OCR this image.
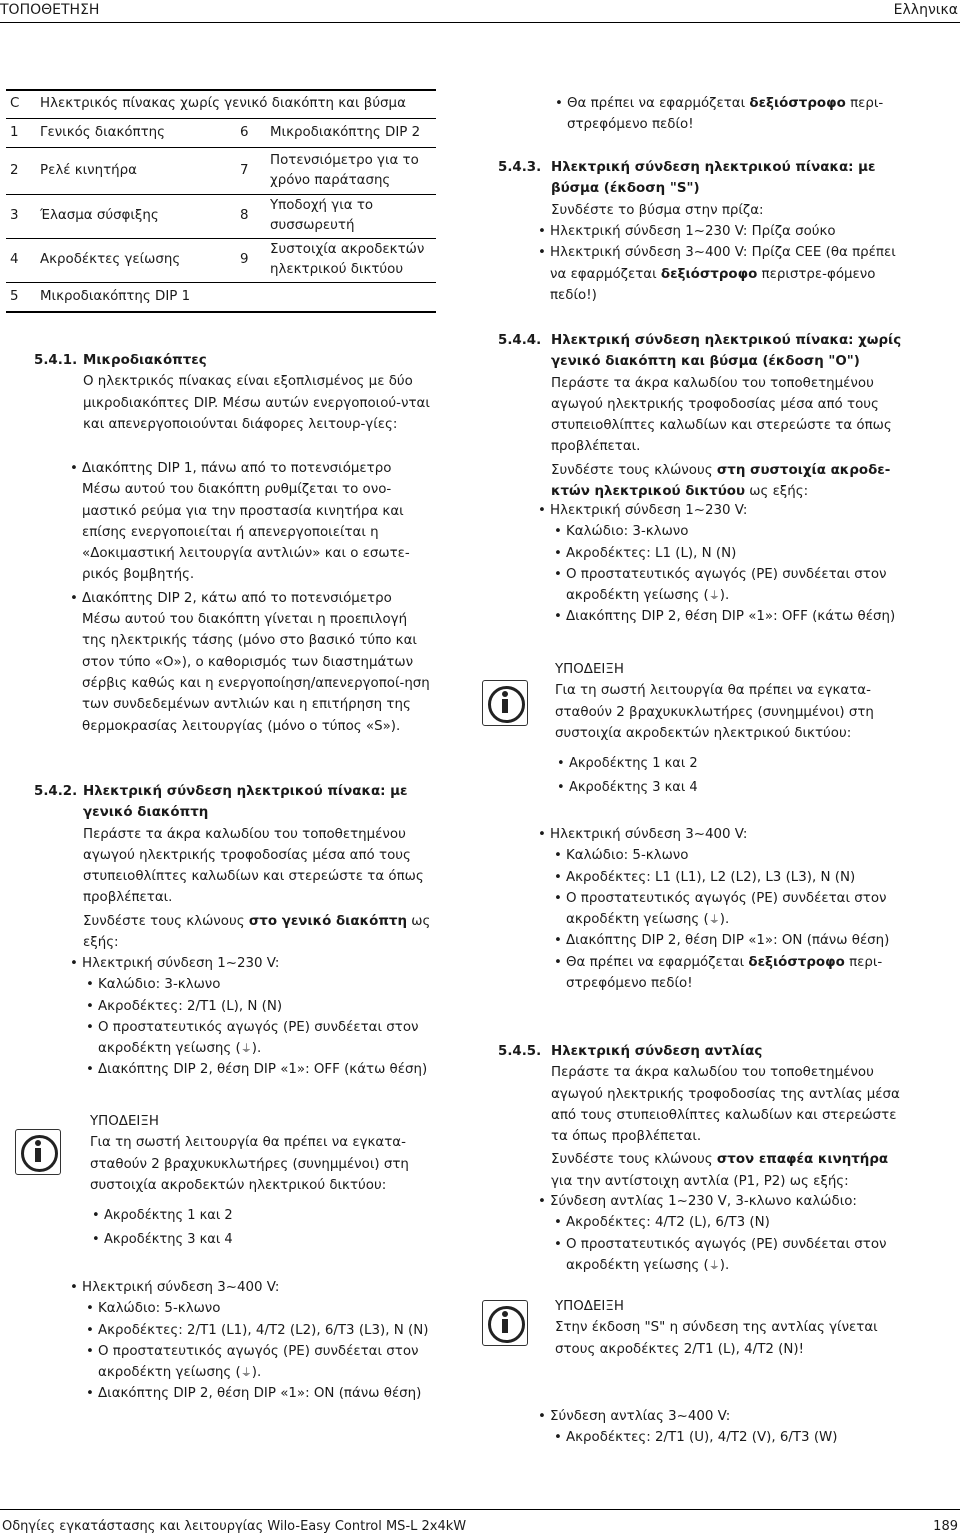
ΤΟΠΟΘΕΤΗΣΗ	Ελληνικα
C	Ηλεκτρικός πίνακας χωρίς γενικό διακόπτη και βύσμα		
1	Γενικός διακόπτης	6	Μικροδιακόπτης DIP 2
2	Ρελέ κινητήρα	7	Ποτενσιόμετρο για το χρόνο παράτασης
3	Έλασμα σύσφιξης	8	Υποδοχή για το συσσωρευτή
4	Ακροδέκτες γείωσης	9	Συστοιχία ακροδεκτών ηλεκτρικού δικτύου
5	Μικροδιακόπτης DIP 1		
5.4.1. Μικροδιακόπτες

Ο ηλεκτρικός πίνακας είναι εξοπλισμένος με δύο μικροδιακόπτες DIP. Μέσω αυτών ενεργοποιού-νται και απενεργοποιούνται διάφορες λειτουρ-γίες:

• Διακόπτης DIP 1, πάνω από το ποτενσιόμετρο
Μέσω αυτού του διακόπτη ρυθμίζεται το ονο-μαστικό ρεύμα για την προστασία κινητήρα και επίσης ενεργοποιείται ή απενεργοποιείται η «Δοκιμαστική λειτουργία αντλιών» και ο εσωτε-ρικός βομβητής.
• Διακόπτης DIP 2, κάτω από το ποτενσιόμετρο
Μέσω αυτού του διακόπτη γίνεται η προεπιλογή της ηλεκτρικής τάσης (μόνο στο βασικό τύπο και στον τύπο «O»), ο καθορισμός των διαστημάτων σέρβις καθώς και η ενεργοποίηση/απενεργοποί-ηση των συνδεδεμένων αντλιών και η επιτήρηση της θερμοκρασίας λειτουργίας (μόνο ο τύπος «S»).
5.4.2. Ηλεκτρική σύνδεση ηλεκτρικού πίνακα: με γενικό διακόπτη

Περάστε τα άκρα καλωδίου του τοποθετημένου αγωγού ηλεκτρικής τροφοδοσίας μέσα από τους στυπειοθλίπτες καλωδίων και στερεώστε τα όπως προβλέπεται.

Συνδέστε τους κλώνους στο γενικό διακόπτη ως εξής:

• Ηλεκτρική σύνδεση 1~230 V:
• Καλώδιο: 3-κλωνο
• Ακροδέκτες: 2/T1 (L), N (N)
• Ο προστατευτικός αγωγός (PE) συνδέεται στον ακροδέκτη γείωσης (⏚).
• Διακόπτης DIP 2, θέση DIP «1»: OFF (κάτω θέση)

ΥΠΟΔΕΙΞΗ

Για τη σωστή λειτουργία θα πρέπει να εγκατα-σταθούν 2 βραχυκυκλωτήρες (συνημμένοι) στη συστοιχία ακροδεκτών ηλεκτρικού δικτύου:

• Ακροδέκτης 1 και 2
• Ακροδέκτης 3 και 4
• Ηλεκτρική σύνδεση 3~400 V:
• Καλώδιο: 5-κλωνο
• Ακροδέκτες: 2/T1 (L1), 4/T2 (L2), 6/T3 (L3), N (N)
• Ο προστατευτικός αγωγός (PE) συνδέεται στον ακροδέκτη γείωσης (⏚).
• Διακόπτης DIP 2, θέση DIP «1»: ON (πάνω θέση)
• Θα πρέπει να εφαρμόζεται δεξιόστροφο περι-στρεφόμενο πεδίο!
5.4.3. Ηλεκτρική σύνδεση ηλεκτρικού πίνακα: με βύσμα (έκδοση "S")

Συνδέστε το βύσμα στην πρίζα:

• Ηλεκτρική σύνδεση 1~230 V: Πρίζα σούκο
• Ηλεκτρική σύνδεση 3~400 V: Πρίζα CEE (θα πρέπει να εφαρμόζεται δεξιόστροφο περιστρε-φόμενο πεδίο!)
5.4.4. Ηλεκτρική σύνδεση ηλεκτρικού πίνακα: χωρίς γενικό διακόπτη και βύσμα (έκδοση "O")

Περάστε τα άκρα καλωδίου του τοποθετημένου αγωγού ηλεκτρικής τροφοδοσίας μέσα από τους στυπειοθλίπτες καλωδίων και στερεώστε τα όπως προβλέπεται.

Συνδέστε τους κλώνους στη συστοιχία ακροδε-κτών ηλεκτρικού δικτύου ως εξής:

• Ηλεκτρική σύνδεση 1~230 V:
• Καλώδιο: 3-κλωνο
• Ακροδέκτες: L1 (L), N (N)
• Ο προστατευτικός αγωγός (PE) συνδέεται στον ακροδέκτη γείωσης (⏚).
• Διακόπτης DIP 2, θέση DIP «1»: OFF (κάτω θέση)

ΥΠΟΔΕΙΞΗ

Για τη σωστή λειτουργία θα πρέπει να εγκατα-σταθούν 2 βραχυκυκλωτήρες (συνημμένοι) στη συστοιχία ακροδεκτών ηλεκτρικού δικτύου:

• Ακροδέκτης 1 και 2
• Ακροδέκτης 3 και 4
• Ηλεκτρική σύνδεση 3~400 V:
• Καλώδιο: 5-κλωνο
• Ακροδέκτες: L1 (L1), L2 (L2), L3 (L3), N (N)
• Ο προστατευτικός αγωγός (PE) συνδέεται στον ακροδέκτη γείωσης (⏚).
• Διακόπτης DIP 2, θέση DIP «1»: ON (πάνω θέση)
• Θα πρέπει να εφαρμόζεται δεξιόστροφο περι-στρεφόμενο πεδίο!
5.4.5. Ηλεκτρική σύνδεση αντλίας

Περάστε τα άκρα καλωδίου του τοποθετημένου αγωγού ηλεκτρικής τροφοδοσίας της αντλίας μέσα από τους στυπειοθλίπτες καλωδίων και στερεώστε τα όπως προβλέπεται.

Συνδέστε τους κλώνους στον επαφέα κινητήρα για την αντίστοιχη αντλία (P1, P2) ως εξής:

• Σύνδεση αντλίας 1~230 V, 3-κλωνο καλώδιο:
• Ακροδέκτες: 4/T2 (L), 6/T3 (N)
• Ο προστατευτικός αγωγός (PE) συνδέεται στον ακροδέκτη γείωσης (⏚).

ΥΠΟΔΕΙΞΗ

Στην έκδοση "S" η σύνδεση της αντλίας γίνεται στους ακροδέκτες 2/T1 (L), 4/T2 (N)!

• Σύνδεση αντλίας 3~400 V:
• Ακροδέκτες: 2/T1 (U), 4/T2 (V), 6/T3 (W)
Οδηγίες εγκατάστασης και λειτουργίας Wilo-Easy Control MS-L 2x4kW	189
